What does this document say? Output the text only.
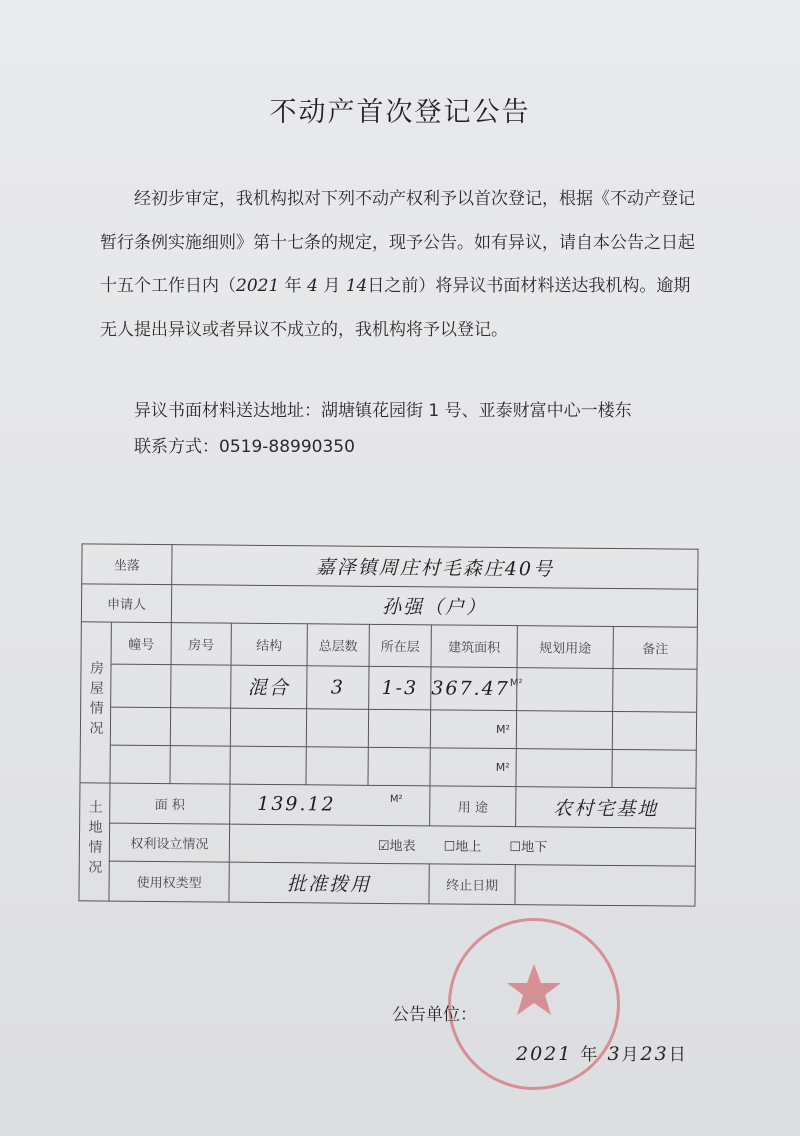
不动产首次登记公告

经初步审定，我机构拟对下列不动产权利予以首次登记，根据《不动产登记暂行条例实施细则》第十七条的规定，现予公告。如有异议，请自本公告之日起十五个工作日内（2021 年 4 月 14日之前）将异议书面材料送达我机构。逾期无人提出异议或者异议不成立的，我机构将予以登记。

异议书面材料送达地址：湖塘镇花园街 1 号、亚泰财富中心一楼东
联系方式：0519-88990350
坐落		嘉泽镇周庄村毛森庄40号						
申请人		孙强（户）						
房屋情况	幢号	房号	结构	总层数	所在层	建筑面积	规划用途	备注
			混合	3	1-3	$367.47^{M^2}$		
						M²		
						M²		
土地情况	面 积		139.12 $^{M^2}$			用 途	农村宅基地	
	权利设立情况		☑地表 ☐地上 ☐地下					
	使用权类型		批准拨用			终止日期		
公告单位：
2021 年 3月23日
